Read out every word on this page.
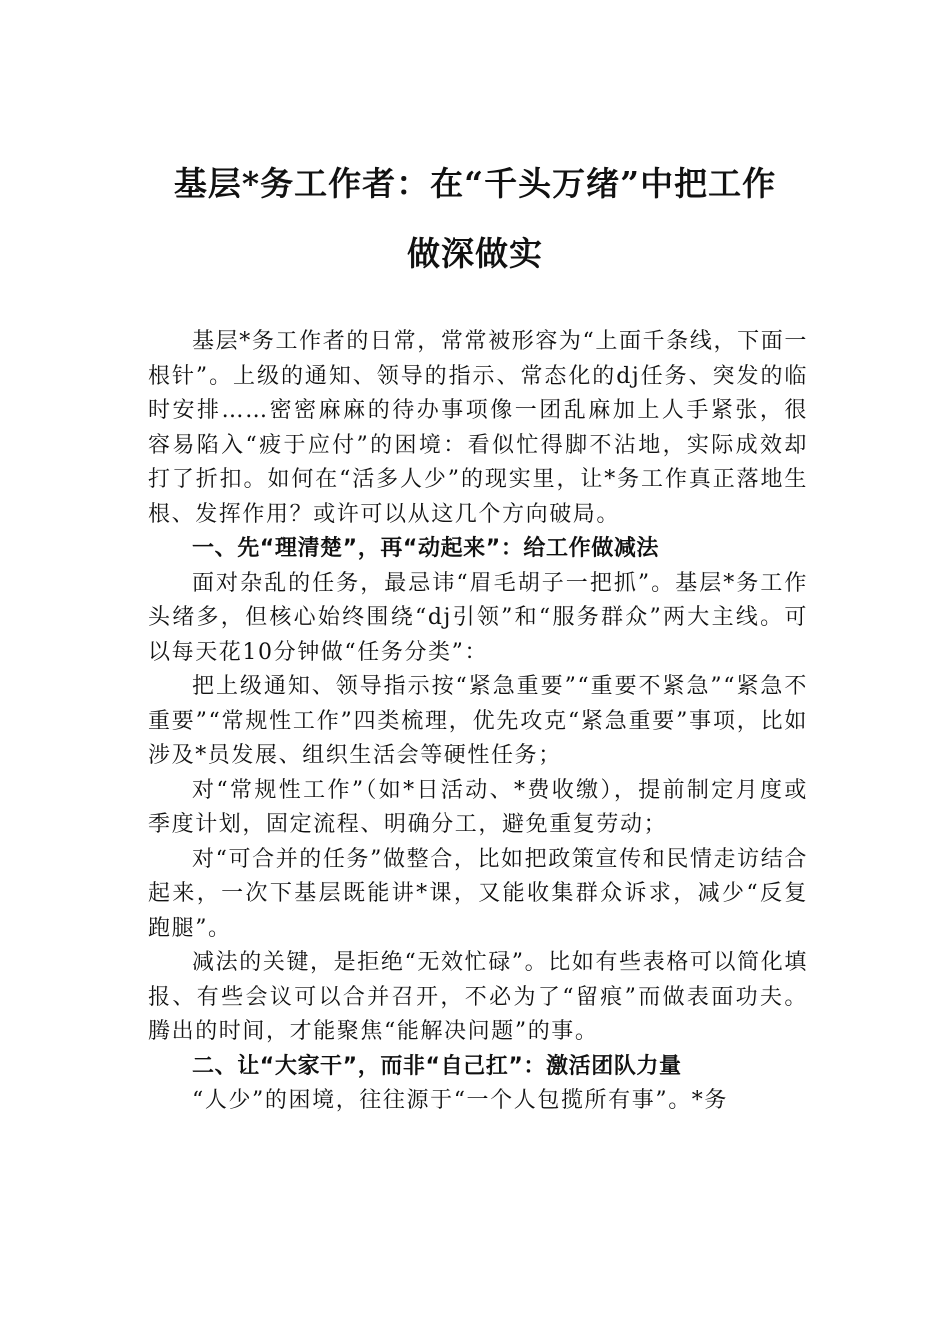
基层*务工作者：在“千头万绪”中把工作
做深做实

基层*务工作者的日常，常常被形容为“上面千条线，下面一根针”。上级的通知、领导的指示、常态化的dj任务、突发的临时安排……密密麻麻的待办事项像一团乱麻加上人手紧张，很容易陷入“疲于应付”的困境：看似忙得脚不沾地，实际成效却打了折扣。如何在“活多人少”的现实里，让*务工作真正落地生根、发挥作用？或许可以从这几个方向破局。

一、先“理清楚”，再“动起来”：给工作做减法

面对杂乱的任务，最忌讳“眉毛胡子一把抓”。基层*务工作头绪多，但核心始终围绕“dj引领”和“服务群众”两大主线。可以每天花10分钟做“任务分类”：

把上级通知、领导指示按“紧急重要”“重要不紧急”“紧急不重要”“常规性工作”四类梳理，优先攻克“紧急重要”事项，比如涉及*员发展、组织生活会等硬性任务；

对“常规性工作”（如*日活动、*费收缴），提前制定月度或季度计划，固定流程、明确分工，避免重复劳动；

对“可合并的任务”做整合，比如把政策宣传和民情走访结合起来，一次下基层既能讲*课，又能收集群众诉求，减少“反复跑腿”。

减法的关键，是拒绝“无效忙碌”。比如有些表格可以简化填报、有些会议可以合并召开，不必为了“留痕”而做表面功夫。腾出的时间，才能聚焦“能解决问题”的事。

二、让“大家干”，而非“自己扛”：激活团队力量

“人少”的困境，往往源于“一个人包揽所有事”。*务
